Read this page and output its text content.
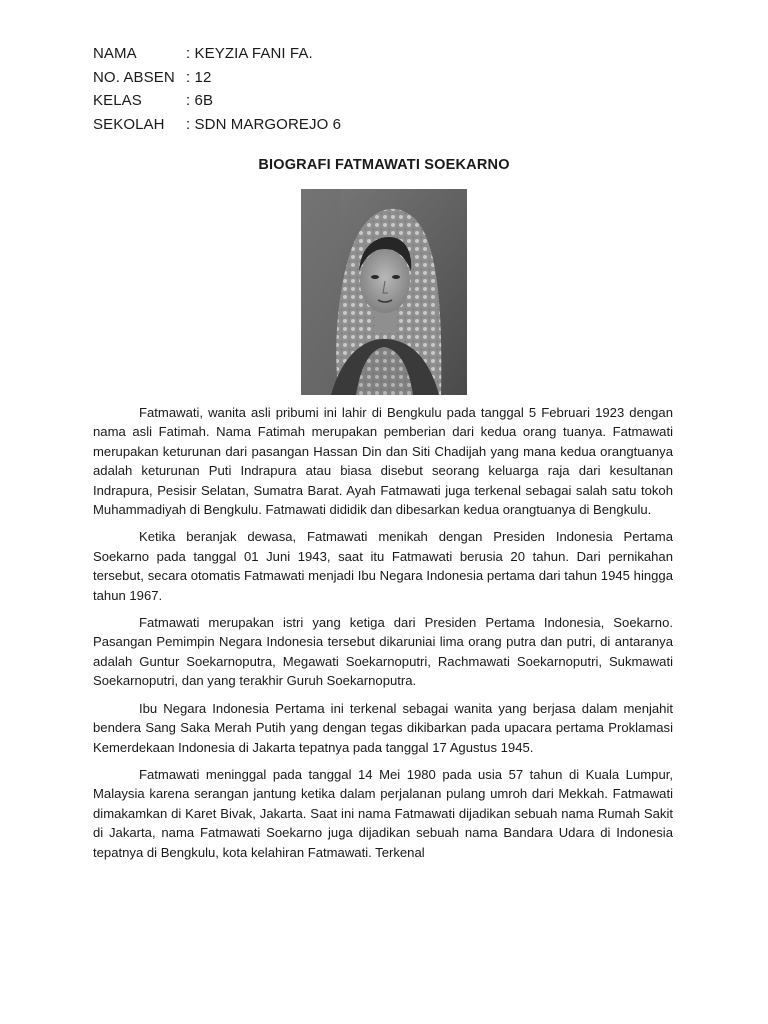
NAMA	: KEYZIA FANI FA.
NO. ABSEN : 12
KELAS	: 6B
SEKOLAH	: SDN MARGOREJO 6
BIOGRAFI FATMAWATI SOEKARNO

Fatmawati, wanita asli pribumi ini lahir di Bengkulu pada tanggal 5 Februari 1923 dengan nama asli Fatimah. Nama Fatimah merupakan pemberian dari kedua orang tuanya. Fatmawati merupakan keturunan dari pasangan Hassan Din dan Siti Chadijah yang mana kedua orangtuanya adalah keturunan Puti Indrapura atau biasa disebut seorang keluarga raja dari kesultanan Indrapura, Pesisir Selatan, Sumatra Barat. Ayah Fatmawati juga terkenal sebagai salah satu tokoh Muhammadiyah di Bengkulu. Fatmawati dididik dan dibesarkan kedua orangtuanya di Bengkulu.

Ketika beranjak dewasa, Fatmawati menikah dengan Presiden Indonesia Pertama Soekarno pada tanggal 01 Juni 1943, saat itu Fatmawati berusia 20 tahun. Dari pernikahan tersebut, secara otomatis Fatmawati menjadi Ibu Negara Indonesia pertama dari tahun 1945 hingga tahun 1967.

Fatmawati merupakan istri yang ketiga dari Presiden Pertama Indonesia, Soekarno. Pasangan Pemimpin Negara Indonesia tersebut dikaruniai lima orang putra dan putri, di antaranya adalah Guntur Soekarnoputra, Megawati Soekarnoputri, Rachmawati Soekarnoputri, Sukmawati Soekarnoputri, dan yang terakhir Guruh Soekarnoputra.

Ibu Negara Indonesia Pertama ini terkenal sebagai wanita yang berjasa dalam menjahit bendera Sang Saka Merah Putih yang dengan tegas dikibarkan pada upacara pertama Proklamasi Kemerdekaan Indonesia di Jakarta tepatnya pada tanggal 17 Agustus 1945.

Fatmawati meninggal pada tanggal 14 Mei 1980 pada usia 57 tahun di Kuala Lumpur, Malaysia karena serangan jantung ketika dalam perjalanan pulang umroh dari Mekkah. Fatmawati dimakamkan di Karet Bivak, Jakarta. Saat ini nama Fatmawati dijadikan sebuah nama Rumah Sakit di Jakarta, nama Fatmawati Soekarno juga dijadikan sebuah nama Bandara Udara di Indonesia tepatnya di Bengkulu, kota kelahiran Fatmawati. Terkenal
